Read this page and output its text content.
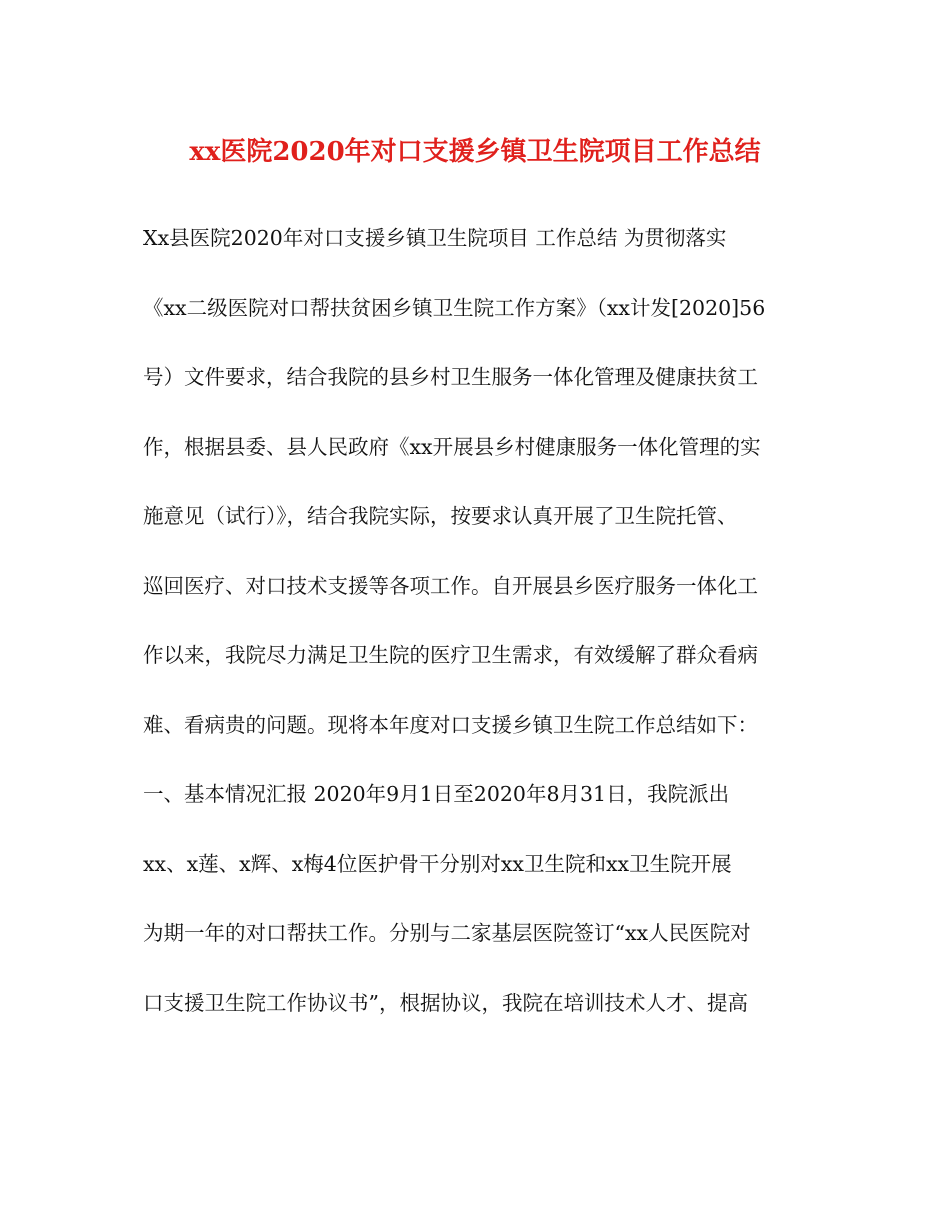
xx医院2020年对口支援乡镇卫生院项目工作总结
Xx县医院2020年对口支援乡镇卫生院项目 工作总结 为贯彻落实
《xx二级医院对口帮扶贫困乡镇卫生院工作方案》（xx计发[2020]56
号）文件要求，结合我院的县乡村卫生服务一体化管理及健康扶贫工
作，根据县委、县人民政府《xx开展县乡村健康服务一体化管理的实
施意见（试行）》，结合我院实际，按要求认真开展了卫生院托管、
巡回医疗、对口技术支援等各项工作。自开展县乡医疗服务一体化工
作以来，我院尽力满足卫生院的医疗卫生需求，有效缓解了群众看病
难、看病贵的问题。现将本年度对口支援乡镇卫生院工作总结如下：
一、基本情况汇报 2020年9月1日至2020年8月31日，我院派出
xx、x莲、x辉、x梅4位医护骨干分别对xx卫生院和xx卫生院开展
为期一年的对口帮扶工作。分别与二家基层医院签订“xx人民医院对
口支援卫生院工作协议书”，根据协议，我院在培训技术人才、提高
